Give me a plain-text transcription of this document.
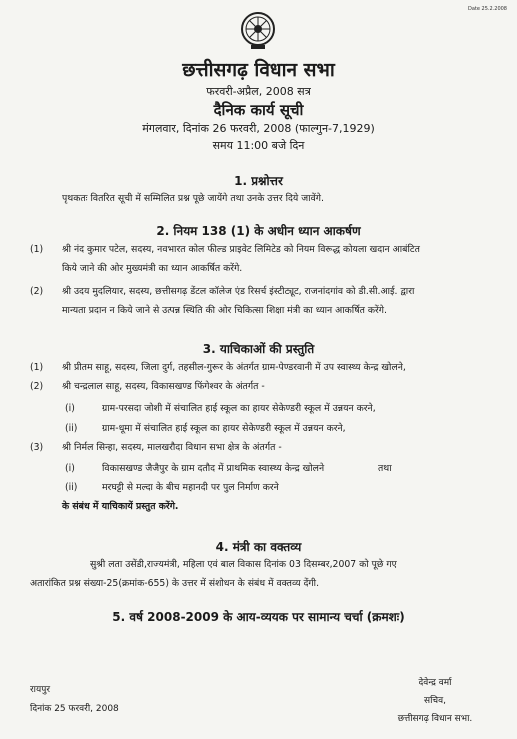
Date 25.2.2008
छत्तीसगढ़ विधान सभा
फरवरी-अप्रैल, 2008 सत्र
दैनिक कार्य सूची
मंगलवार, दिनांक 26 फरवरी, 2008 (फाल्गुन-7,1929)
समय 11:00 बजे दिन
1. प्रश्नोत्तर
पृथकतः वितरित सूची में सम्मिलित प्रश्न पूछे जायेंगे तथा उनके उत्तर दिये जावेंगे.
2. नियम 138 (1) के अधीन ध्यान आकर्षण
(1) श्री नंद कुमार पटेल, सदस्य, नवभारत कोल फील्ड प्राइवेट लिमिटेड को नियम विरूद्ध कोयला खदान आबंटित
किये जाने की ओर मुख्यमंत्री का ध्यान आकर्षित करेंगे.
(2) श्री उदय मुदलियार, सदस्य, छत्तीसगढ़ डेंटल कॉलेज एंड रिसर्च इंस्टीट्यूट, राजनांदगांव को डी.सी.आई. द्वारा
मान्यता प्रदान न किये जाने से उत्पन्न स्थिति की ओर चिकित्सा शिक्षा मंत्री का ध्यान आकर्षित करेंगे.
3. याचिकाओं की प्रस्तुति
(1) श्री प्रीतम साहू, सदस्य, जिला दुर्ग, तहसील-गुरूर के अंतर्गत ग्राम-पेण्डरवानी में उप स्वास्थ्य केन्द्र खोलने,
(2) श्री चन्द्रलाल साहू, सदस्य, विकासखण्ड फिंगेश्वर के अंतर्गत -
(i)	ग्राम-परसदा जोशी में संचालित हाई स्कूल का हायर सेकेण्डरी स्कूल में उन्नयन करने,
(ii)	ग्राम-धूमा में संचालित हाई स्कूल का हायर सेकेण्डरी स्कूल में उन्नयन करने,
(3) श्री निर्मल सिन्हा, सदस्य, मालखरौदा विधान सभा क्षेत्र के अंतर्गत -
(i)	विकासखण्ड जैजैपुर के ग्राम दतौद में प्राथमिक स्वास्थ्य केन्द्र खोलने	तथा
(ii)	मरघट्टी से मल्दा के बीच महानदी पर पुल निर्माण करने
के संबंध में याचिकायें प्रस्तुत करेंगे.
4. मंत्री का वक्तव्य
सुश्री लता उसेंडी,राज्यमंत्री, महिला एवं बाल विकास दिनांक 03 दिसम्बर,2007 को पूछे गए
अतारांकित प्रश्न संख्या-25(क्रमांक-655) के उत्तर में संशोधन के संबंध में वक्तव्य देंगी.
5. वर्ष 2008-2009 के आय-व्ययक पर सामान्य चर्चा (क्रमशः)
रायपुर
दिनांक 25 फरवरी, 2008
देवेन्द्र वर्मा
सचिव,
छत्तीसगढ़ विधान सभा.
